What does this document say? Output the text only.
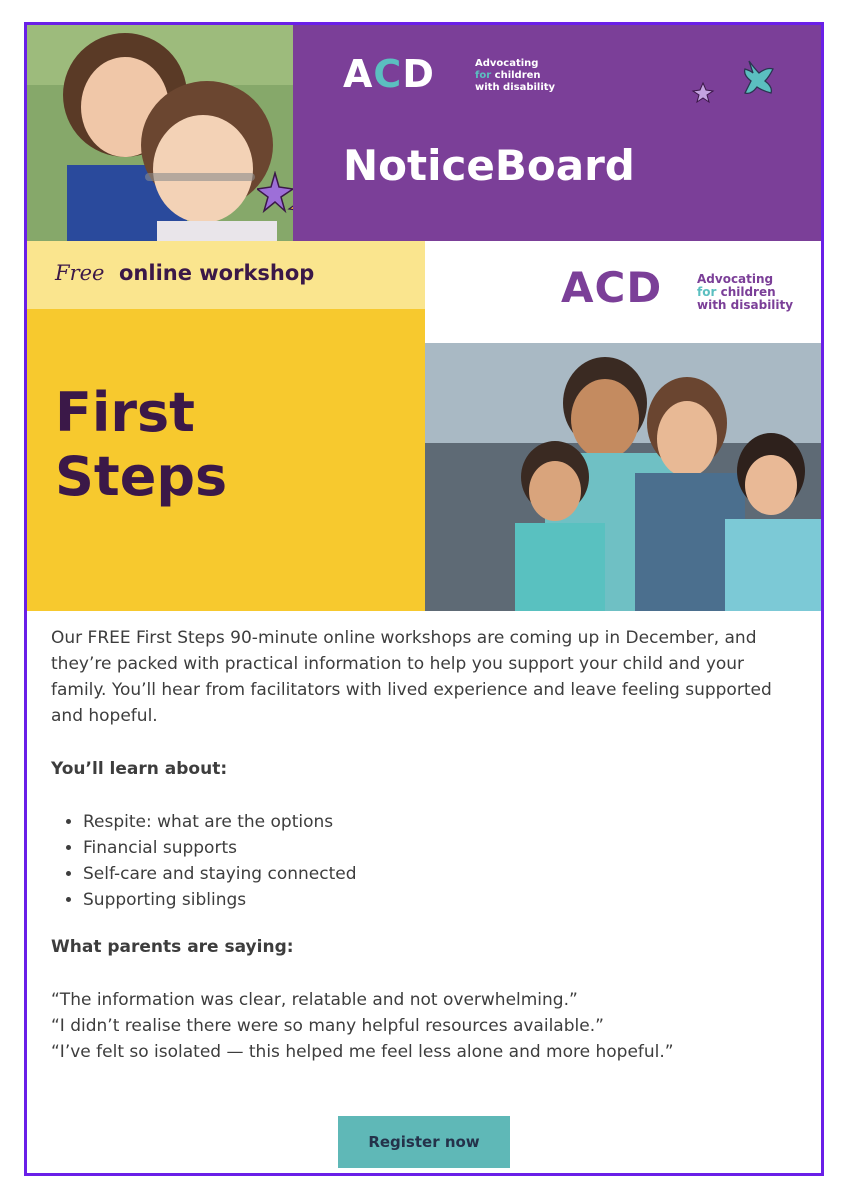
ACD	Advocating
for children
with disability
NoticeBoard
Free online workshop
First
Steps
ACD	Advocating
for children
with disability

Our FREE First Steps 90-minute online workshops are coming up in December, and they’re packed with practical information to help you support your child and your family. You’ll hear from facilitators with lived experience and leave feeling supported and hopeful.

You’ll learn about:
• Respite: what are the options
• Financial supports
• Self-care and staying connected
• Supporting siblings
What parents are saying:
“The information was clear, relatable and not overwhelming.”
“I didn’t realise there were so many helpful resources available.”
“I’ve felt so isolated — this helped me feel less alone and more hopeful.”
Register now
